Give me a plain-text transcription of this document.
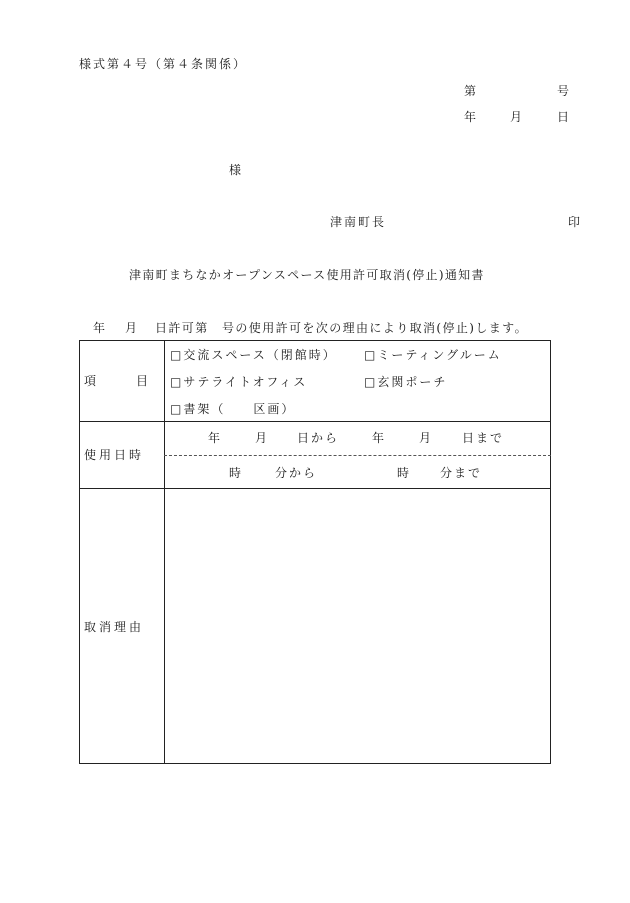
様式第４号（第４条関係）
第	号
年	月	日
様
津南町長	印
津南町まちなかオープンスペース使用許可取消(停止)通知書
年 月 日許可第　号の使用許可を次の理由により取消(停止)します。
項　　　目
□交流スペース（閉館時） □ミーティングルーム
□サテライトオフィス	□玄関ポーチ
□書架（　　区画）
使用日時
年	月 日から	年	月 日まで
時	分から	時 分まで
取消理由
